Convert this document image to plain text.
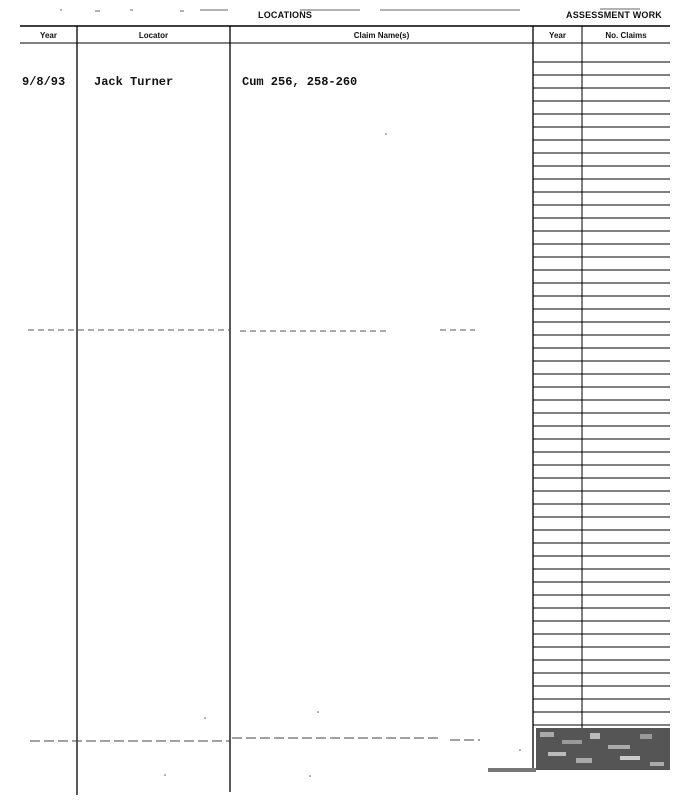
LOCATIONS	ASSESSMENT WORK
Year	Locator	Claim Name(s)	Year	No. Claims
9/8/93 Jack Turner	Cum 256, 258-260
